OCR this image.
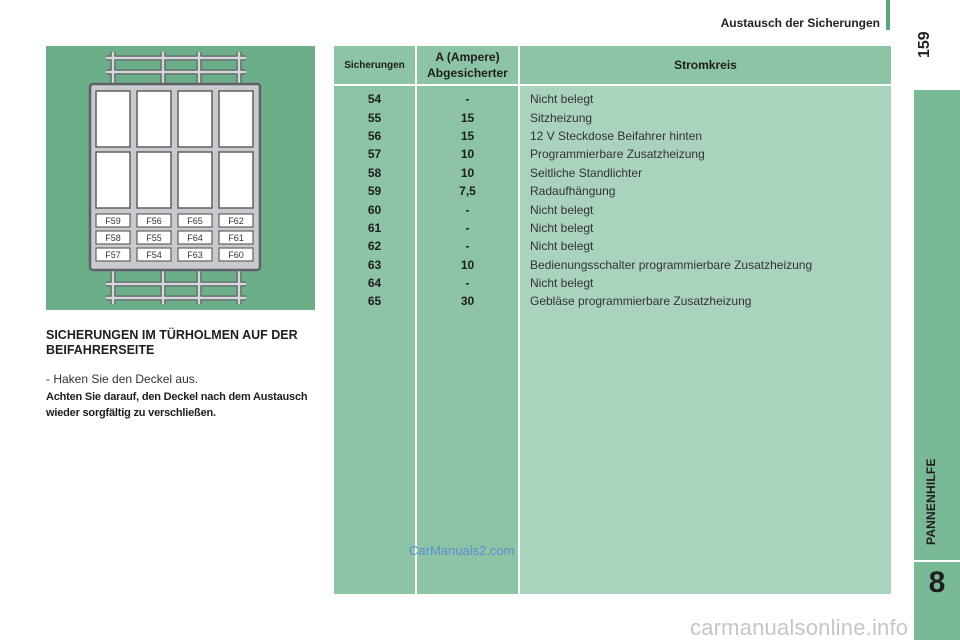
Austausch der Sicherungen
159
PANNENHILFE
8
F59	F56	F65	F62
F58	F55	F64	F61
F57	F54	F63	F60
SICHERUNGEN IM TÜRHOLMEN AUF DER BEIFAHRERSEITE
- Haken Sie den Deckel aus.
Achten Sie darauf, den Deckel nach dem Austausch wieder sorgfältig zu verschließen.
Sicherungen
A (Ampere) Abgesicherter
Stromkreis
54	-	Nicht belegt
55	15	Sitzheizung
56	15	12 V Steckdose Beifahrer hinten
57	10	Programmierbare Zusatzheizung
58	10	Seitliche Standlichter
59	7,5	Radaufhängung
60	-	Nicht belegt
61	-	Nicht belegt
62	-	Nicht belegt
63	10	Bedienungsschalter programmierbare Zusatzheizung
64	-	Nicht belegt
65	30	Gebläse programmierbare Zusatzheizung
CarManuals2.com
carmanualsonline.info
